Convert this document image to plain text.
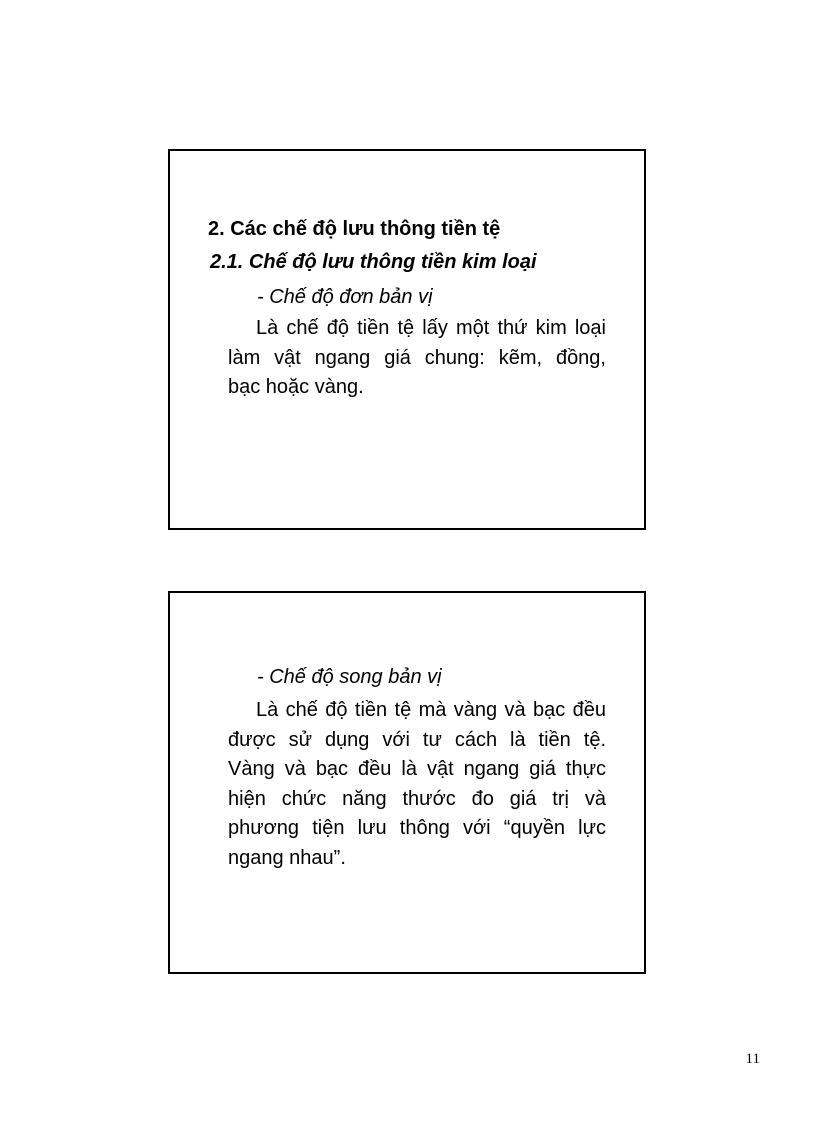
2. Các chế độ lưu thông tiền tệ
2.1. Chế độ lưu thông tiền kim loại
- Chế độ đơn bản vị
Là chế độ tiền tệ lấy một thứ kim loại
làm vật ngang giá chung: kẽm, đồng,
bạc hoặc vàng.
- Chế độ song bản vị
Là chế độ tiền tệ mà vàng và bạc đều
được sử dụng với tư cách là tiền tệ.
Vàng và bạc đều là vật ngang giá thực
hiện chức năng thước đo giá trị và
phương tiện lưu thông với “quyền lực
ngang nhau”.
11
